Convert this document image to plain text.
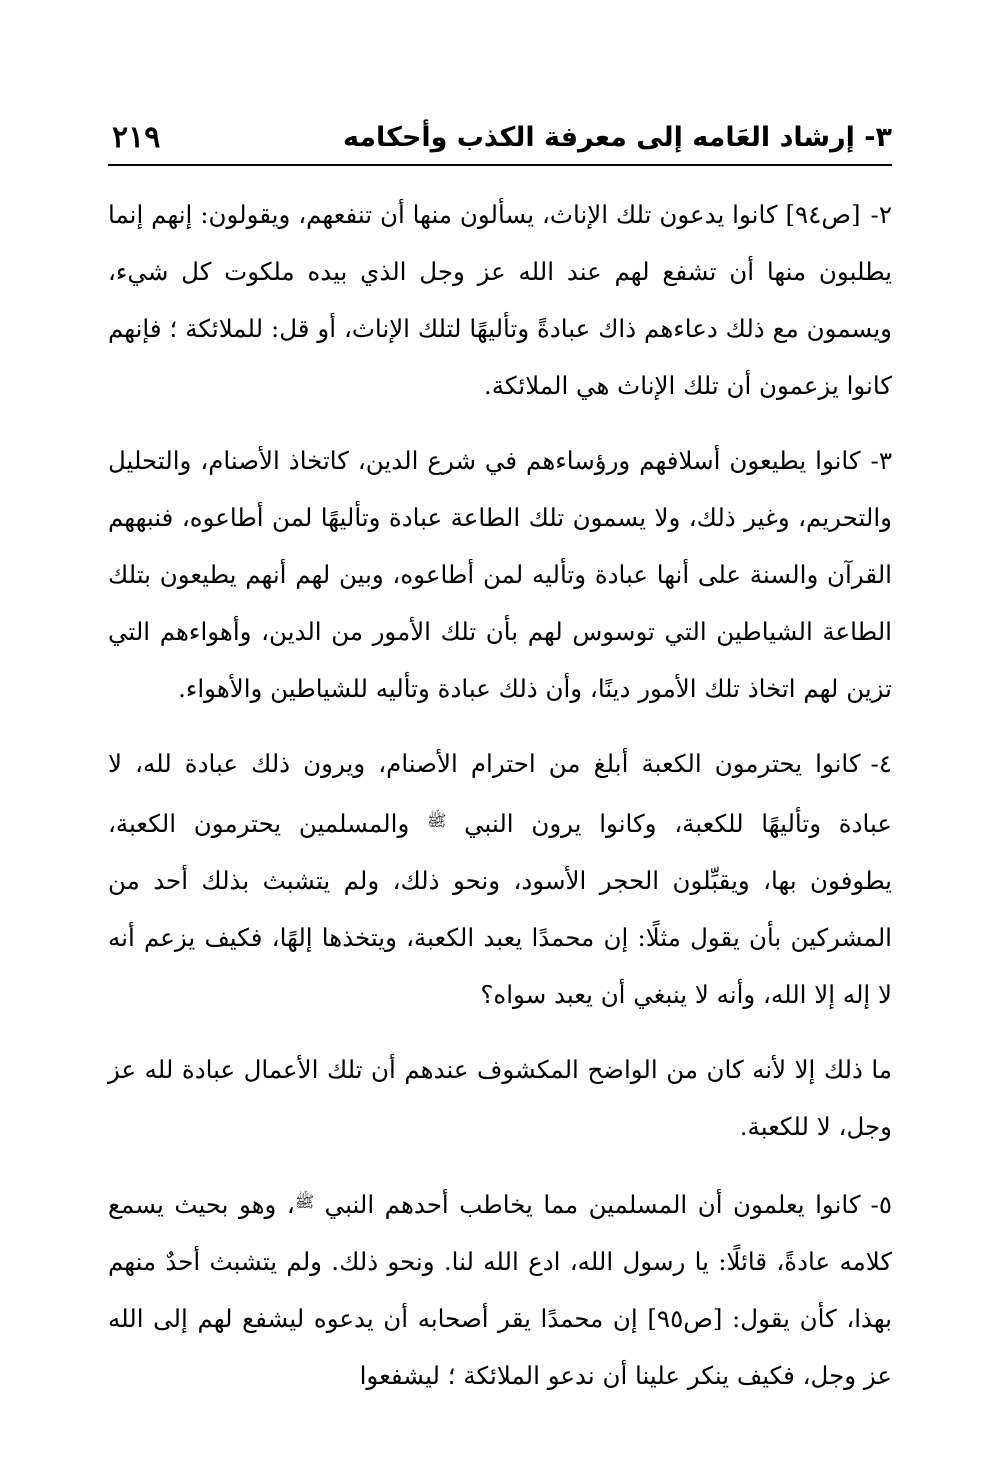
٣- إرشاد العَامه إلى معرفة الكذب وأحكامه
٢١٩

٢-[ص٩٤] كانوا يدعون تلك الإناث، يسألون منها أن تنفعهم، ويقولون: إنهم إنما يطلبون منها أن تشفع لهم عند الله عز وجل الذي بيده ملكوت كل شيء، ويسمون مع ذلك دعاءهم ذاك عبادةً وتأليهًا لتلك الإناث، أو قل: للملائكة ؛ فإنهم كانوا يزعمون أن تلك الإناث هي الملائكة.

٣-كانوا يطيعون أسلافهم ورؤساءهم في شرع الدين، كاتخاذ الأصنام، والتحليل والتحريم، وغير ذلك، ولا يسمون تلك الطاعة عبادة وتأليهًا لمن أطاعوه، فنبههم القرآن والسنة على أنها عبادة وتأليه لمن أطاعوه، وبين لهم أنهم يطيعون بتلك الطاعة الشياطين التي توسوس لهم بأن تلك الأمور من الدين، وأهواءهم التي تزين لهم اتخاذ تلك الأمور دينًا، وأن ذلك عبادة وتأليه للشياطين والأهواء.

٤-كانوا يحترمون الكعبة أبلغ من احترام الأصنام، ويرون ذلك عبادة لله، لا عبادة وتأليهًا للكعبة، وكانوا يرون النبي $^ﷺ$ والمسلمين يحترمون الكعبة، يطوفون بها، ويقبِّلون الحجر الأسود، ونحو ذلك، ولم يتشبث بذلك أحد من المشركين بأن يقول مثلًا: إن محمدًا يعبد الكعبة، ويتخذها إلهًا، فكيف يزعم أنه لا إله إلا الله، وأنه لا ينبغي أن يعبد سواه؟

ما ذلك إلا لأنه كان من الواضح المكشوف عندهم أن تلك الأعمال عبادة لله عز وجل، لا للكعبة.

٥-كانوا يعلمون أن المسلمين مما يخاطب أحدهم النبي $^ﷺ$، وهو بحيث يسمع كلامه عادةً، قائلًا: يا رسول الله، ادع الله لنا. ونحو ذلك. ولم يتشبث أحدٌ منهم بهذا، كأن يقول: [ص٩٥] إن محمدًا يقر أصحابه أن يدعوه ليشفع لهم إلى الله عز وجل، فكيف ينكر علينا أن ندعو الملائكة ؛ ليشفعوا
